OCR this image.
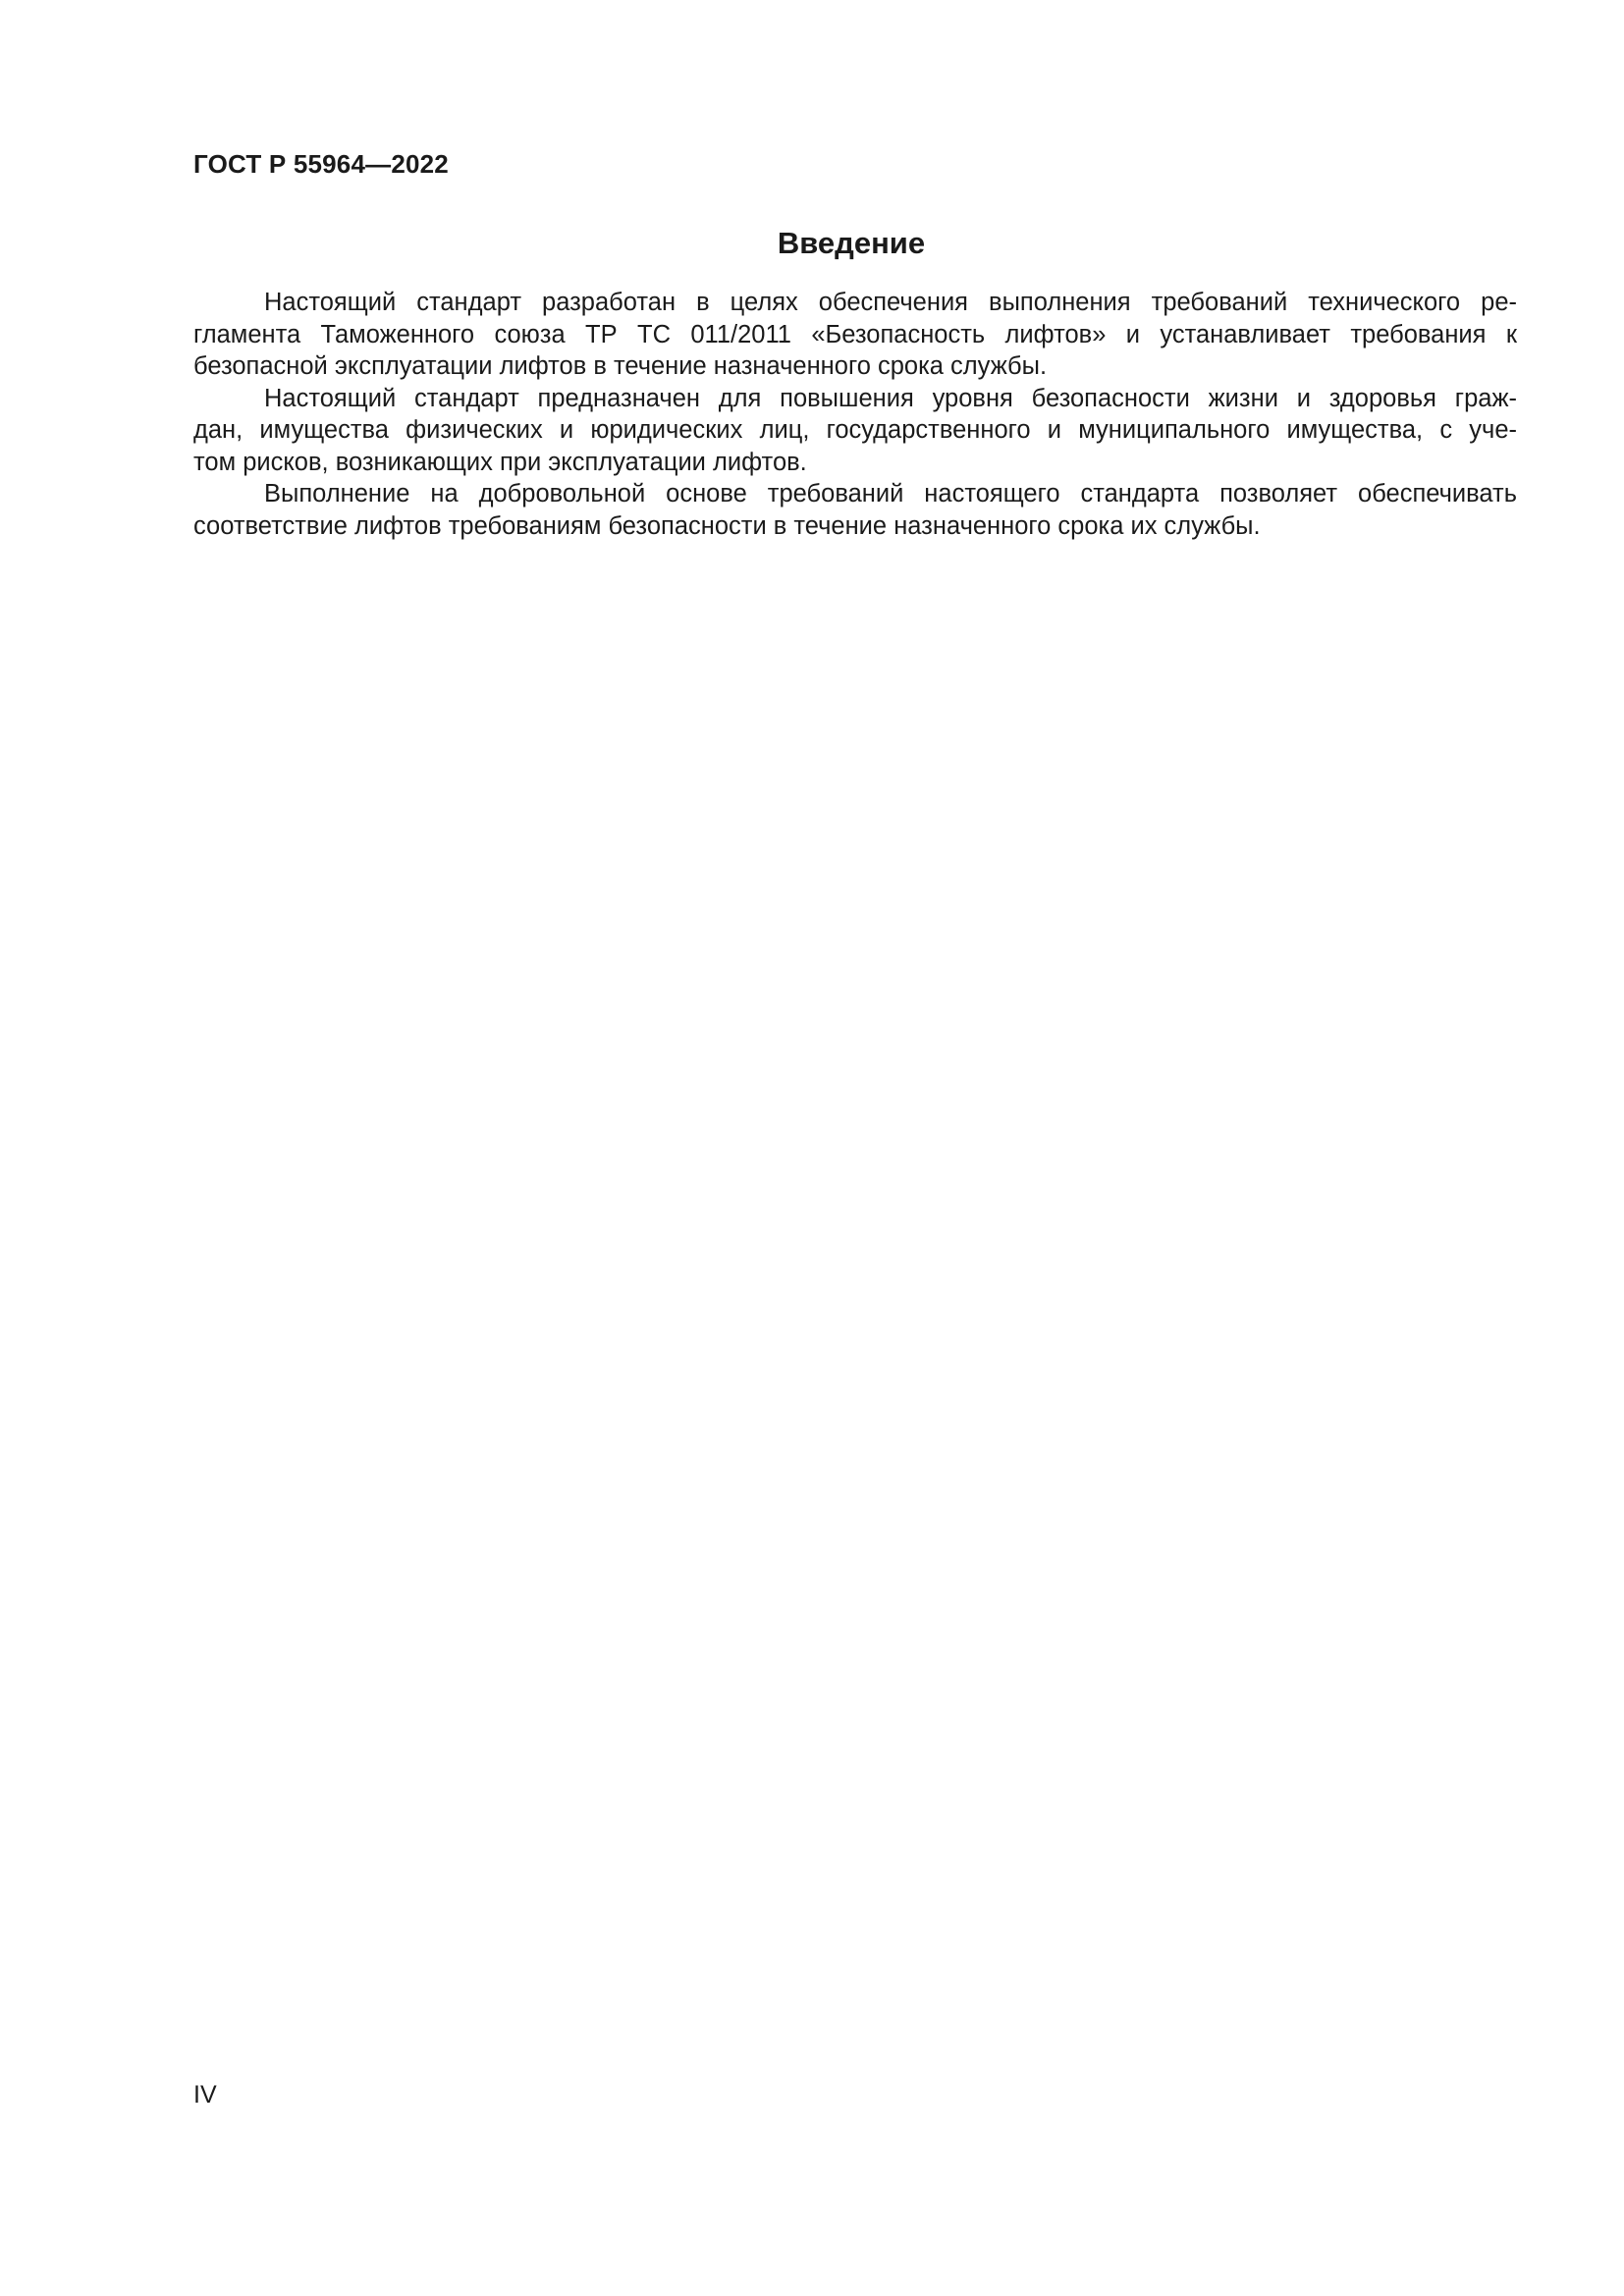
ГОСТ Р 55964—2022
Введение

Настоящий стандарт разработан в целях обеспечения выполнения требований технического ре-
гламента Таможенного союза ТР ТС 011/2011 «Безопасность лифтов» и устанавливает требования к
безопасной эксплуатации лифтов в течение назначенного срока службы.

Настоящий стандарт предназначен для повышения уровня безопасности жизни и здоровья граж-
дан, имущества физических и юридических лиц, государственного и муниципального имущества, с уче-
том рисков, возникающих при эксплуатации лифтов.

Выполнение на добровольной основе требований настоящего стандарта позволяет обеспечивать
соответствие лифтов требованиям безопасности в течение назначенного срока их службы.

IV
